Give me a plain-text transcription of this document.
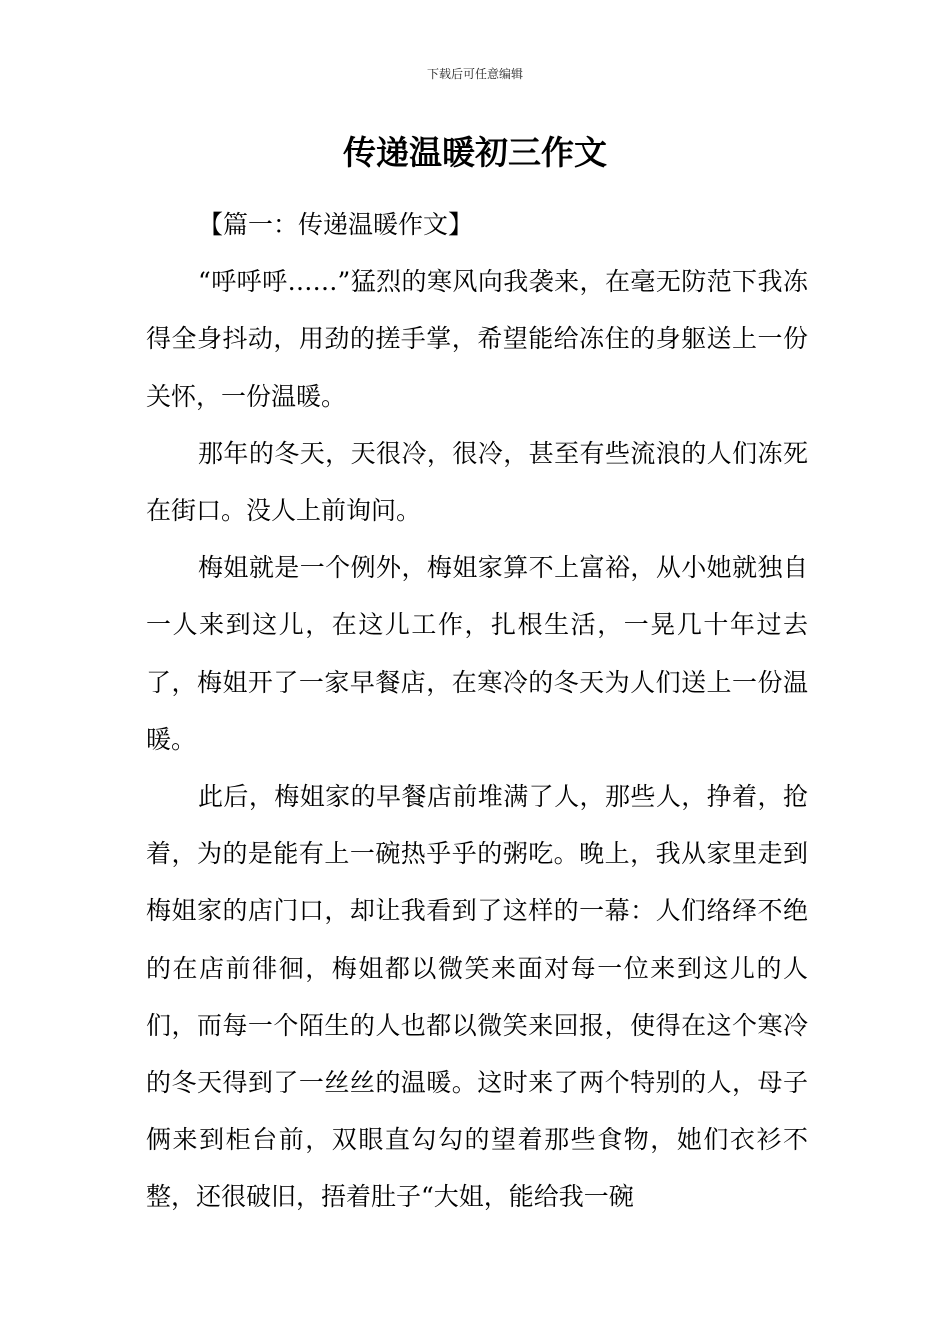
下载后可任意编辑
传递温暖初三作文
【篇一：传递温暖作文】

“呼呼呼……”猛烈的寒风向我袭来，在毫无防范下我冻得全身抖动，用劲的搓手掌，希望能给冻住的身躯送上一份关怀，一份温暖。

那年的冬天，天很冷，很冷，甚至有些流浪的人们冻死在街口。没人上前询问。

梅姐就是一个例外，梅姐家算不上富裕，从小她就独自一人来到这儿，在这儿工作，扎根生活，一晃几十年过去了，梅姐开了一家早餐店，在寒冷的冬天为人们送上一份温暖。

此后，梅姐家的早餐店前堆满了人，那些人，挣着，抢着，为的是能有上一碗热乎乎的粥吃。晚上，我从家里走到梅姐家的店门口，却让我看到了这样的一幕：人们络绎不绝的在店前徘徊，梅姐都以微笑来面对每一位来到这儿的人们，而每一个陌生的人也都以微笑来回报，使得在这个寒冷的冬天得到了一丝丝的温暖。这时来了两个特别的人，母子俩来到柜台前，双眼直勾勾的望着那些食物，她们衣衫不整，还很破旧，捂着肚子“大姐，能给我一碗
